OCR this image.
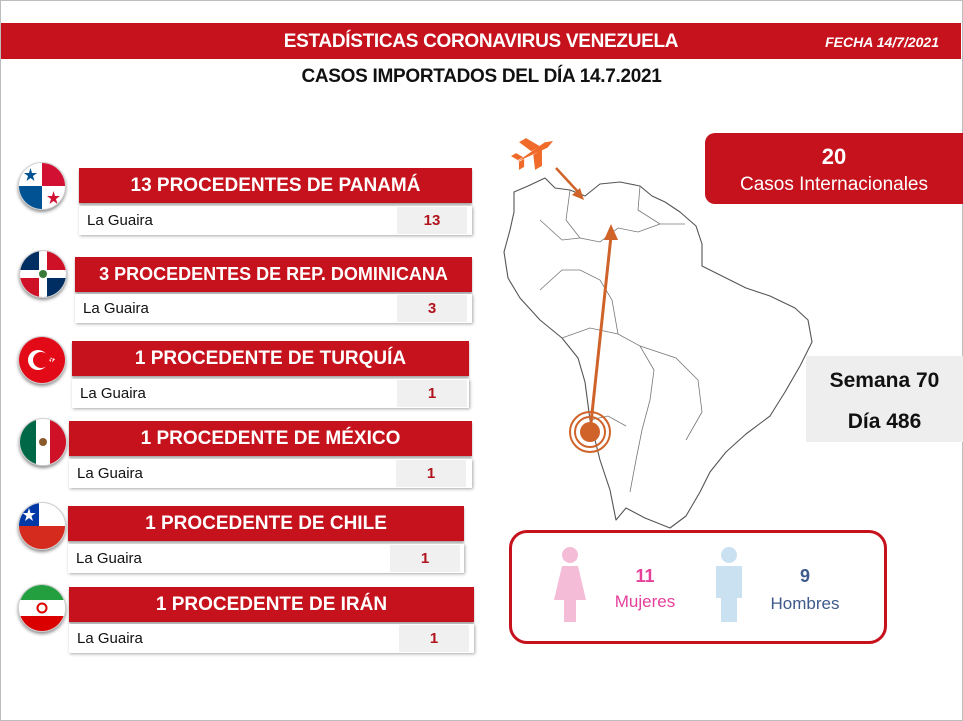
ESTADÍSTICAS CORONAVIRUS VENEZUELA	FECHA 14/7/2021
CASOS IMPORTADOS DEL DÍA 14.7.2021
13 PROCEDENTES DE PANAMÁ
La Guaira	13
3 PROCEDENTES DE REP. DOMINICANA
La Guaira	3
1 PROCEDENTE DE TURQUÍA
La Guaira	1
1 PROCEDENTE DE MÉXICO
La Guaira	1
1 PROCEDENTE DE CHILE
La Guaira	1
1 PROCEDENTE DE IRÁN
La Guaira	1
20
Casos Internacionales
Semana 70
Día 486
11
Mujeres
9
Hombres
